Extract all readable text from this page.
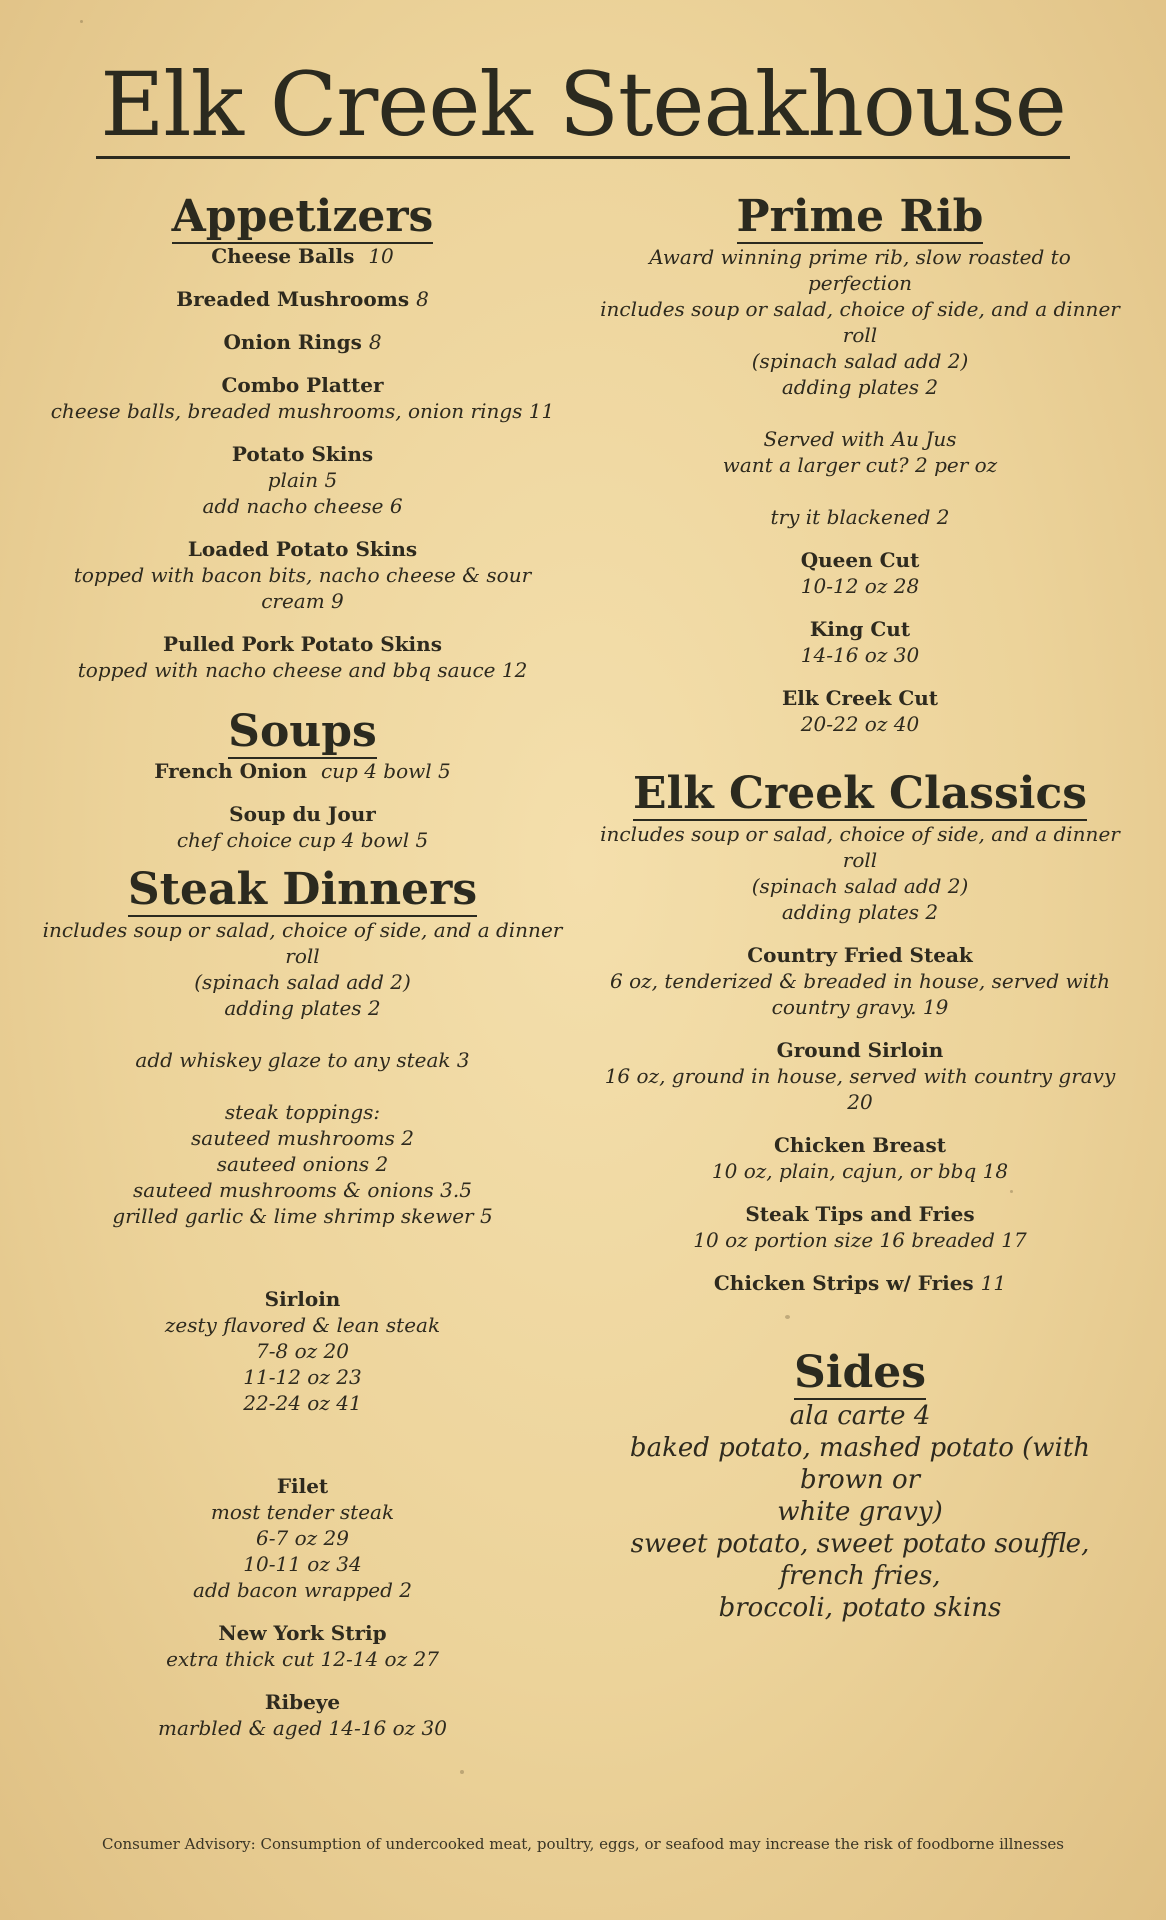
Elk Creek Steakhouse
Appetizers
Cheese Balls 10
Breaded Mushrooms 8
Onion Rings 8
Combo Platter
cheese balls, breaded mushrooms, onion rings 11
Potato Skins
plain 5
add nacho cheese 6
Loaded Potato Skins
topped with bacon bits, nacho cheese & sour cream 9
Pulled Pork Potato Skins
topped with nacho cheese and bbq sauce 12
Soups
French Onion cup 4 bowl 5
Soup du Jour
chef choice cup 4 bowl 5
Steak Dinners
includes soup or salad, choice of side, and a dinner roll
(spinach salad add 2)
adding plates 2
add whiskey glaze to any steak 3
steak toppings:
sauteed mushrooms 2
sauteed onions 2
sauteed mushrooms & onions 3.5
grilled garlic & lime shrimp skewer 5
Sirloin
zesty flavored & lean steak
7-8 oz 20
11-12 oz 23
22-24 oz 41
Filet
most tender steak
6-7 oz 29
10-11 oz 34
add bacon wrapped 2
New York Strip
extra thick cut 12-14 oz 27
Ribeye
marbled & aged 14-16 oz 30
Prime Rib
Award winning prime rib, slow roasted to
perfection
includes soup or salad, choice of side, and a dinner
roll
(spinach salad add 2)
adding plates 2
Served with Au Jus
want a larger cut? 2 per oz
try it blackened 2
Queen Cut
10-12 oz 28
King Cut
14-16 oz 30
Elk Creek Cut
20-22 oz 40
Elk Creek Classics
includes soup or salad, choice of side, and a dinner roll
(spinach salad add 2)
adding plates 2
Country Fried Steak
6 oz, tenderized & breaded in house, served with
country gravy. 19
Ground Sirloin
16 oz, ground in house, served with country gravy 20
Chicken Breast
10 oz, plain, cajun, or bbq 18
Steak Tips and Fries
10 oz portion size 16 breaded 17
Chicken Strips w/ Fries 11
Sides
ala carte 4
baked potato, mashed potato (with brown or
white gravy)
sweet potato, sweet potato souffle,
french fries,
broccoli, potato skins
Consumer Advisory: Consumption of undercooked meat, poultry, eggs, or seafood may increase the risk of foodborne illnesses
